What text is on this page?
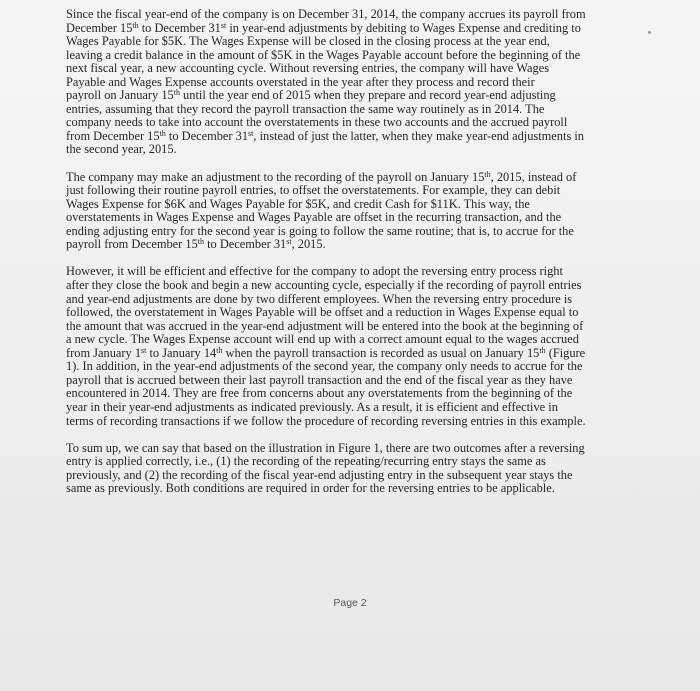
Since the fiscal year-end of the company is on December 31, 2014, the company accrues its payroll from
December 15th to December 31st in year-end adjustments by debiting to Wages Expense and crediting to
Wages Payable for $5K. The Wages Expense will be closed in the closing process at the year end,
leaving a credit balance in the amount of $5K in the Wages Payable account before the beginning of the
next fiscal year, a new accounting cycle. Without reversing entries, the company will have Wages
Payable and Wages Expense accounts overstated in the year after they process and record their
payroll on January 15th until the year end of 2015 when they prepare and record year-end adjusting
entries, assuming that they record the payroll transaction the same way routinely as in 2014. The
company needs to take into account the overstatements in these two accounts and the accrued payroll
from December 15th to December 31st, instead of just the latter, when they make year-end adjustments in
the second year, 2015.
The company may make an adjustment to the recording of the payroll on January 15th, 2015, instead of
just following their routine payroll entries, to offset the overstatements. For example, they can debit
Wages Expense for $6K and Wages Payable for $5K, and credit Cash for $11K. This way, the
overstatements in Wages Expense and Wages Payable are offset in the recurring transaction, and the
ending adjusting entry for the second year is going to follow the same routine; that is, to accrue for the
payroll from December 15th to December 31st, 2015.
However, it will be efficient and effective for the company to adopt the reversing entry process right
after they close the book and begin a new accounting cycle, especially if the recording of payroll entries
and year-end adjustments are done by two different employees. When the reversing entry procedure is
followed, the overstatement in Wages Payable will be offset and a reduction in Wages Expense equal to
the amount that was accrued in the year-end adjustment will be entered into the book at the beginning of
a new cycle. The Wages Expense account will end up with a correct amount equal to the wages accrued
from January 1st to January 14th when the payroll transaction is recorded as usual on January 15th (Figure
1). In addition, in the year-end adjustments of the second year, the company only needs to accrue for the
payroll that is accrued between their last payroll transaction and the end of the fiscal year as they have
encountered in 2014. They are free from concerns about any overstatements from the beginning of the
year in their year-end adjustments as indicated previously. As a result, it is efficient and effective in
terms of recording transactions if we follow the procedure of recording reversing entries in this example.
To sum up, we can say that based on the illustration in Figure 1, there are two outcomes after a reversing
entry is applied correctly, i.e., (1) the recording of the repeating/recurring entry stays the same as
previously, and (2) the recording of the fiscal year-end adjusting entry in the subsequent year stays the
same as previously. Both conditions are required in order for the reversing entries to be applicable.
Page 2
